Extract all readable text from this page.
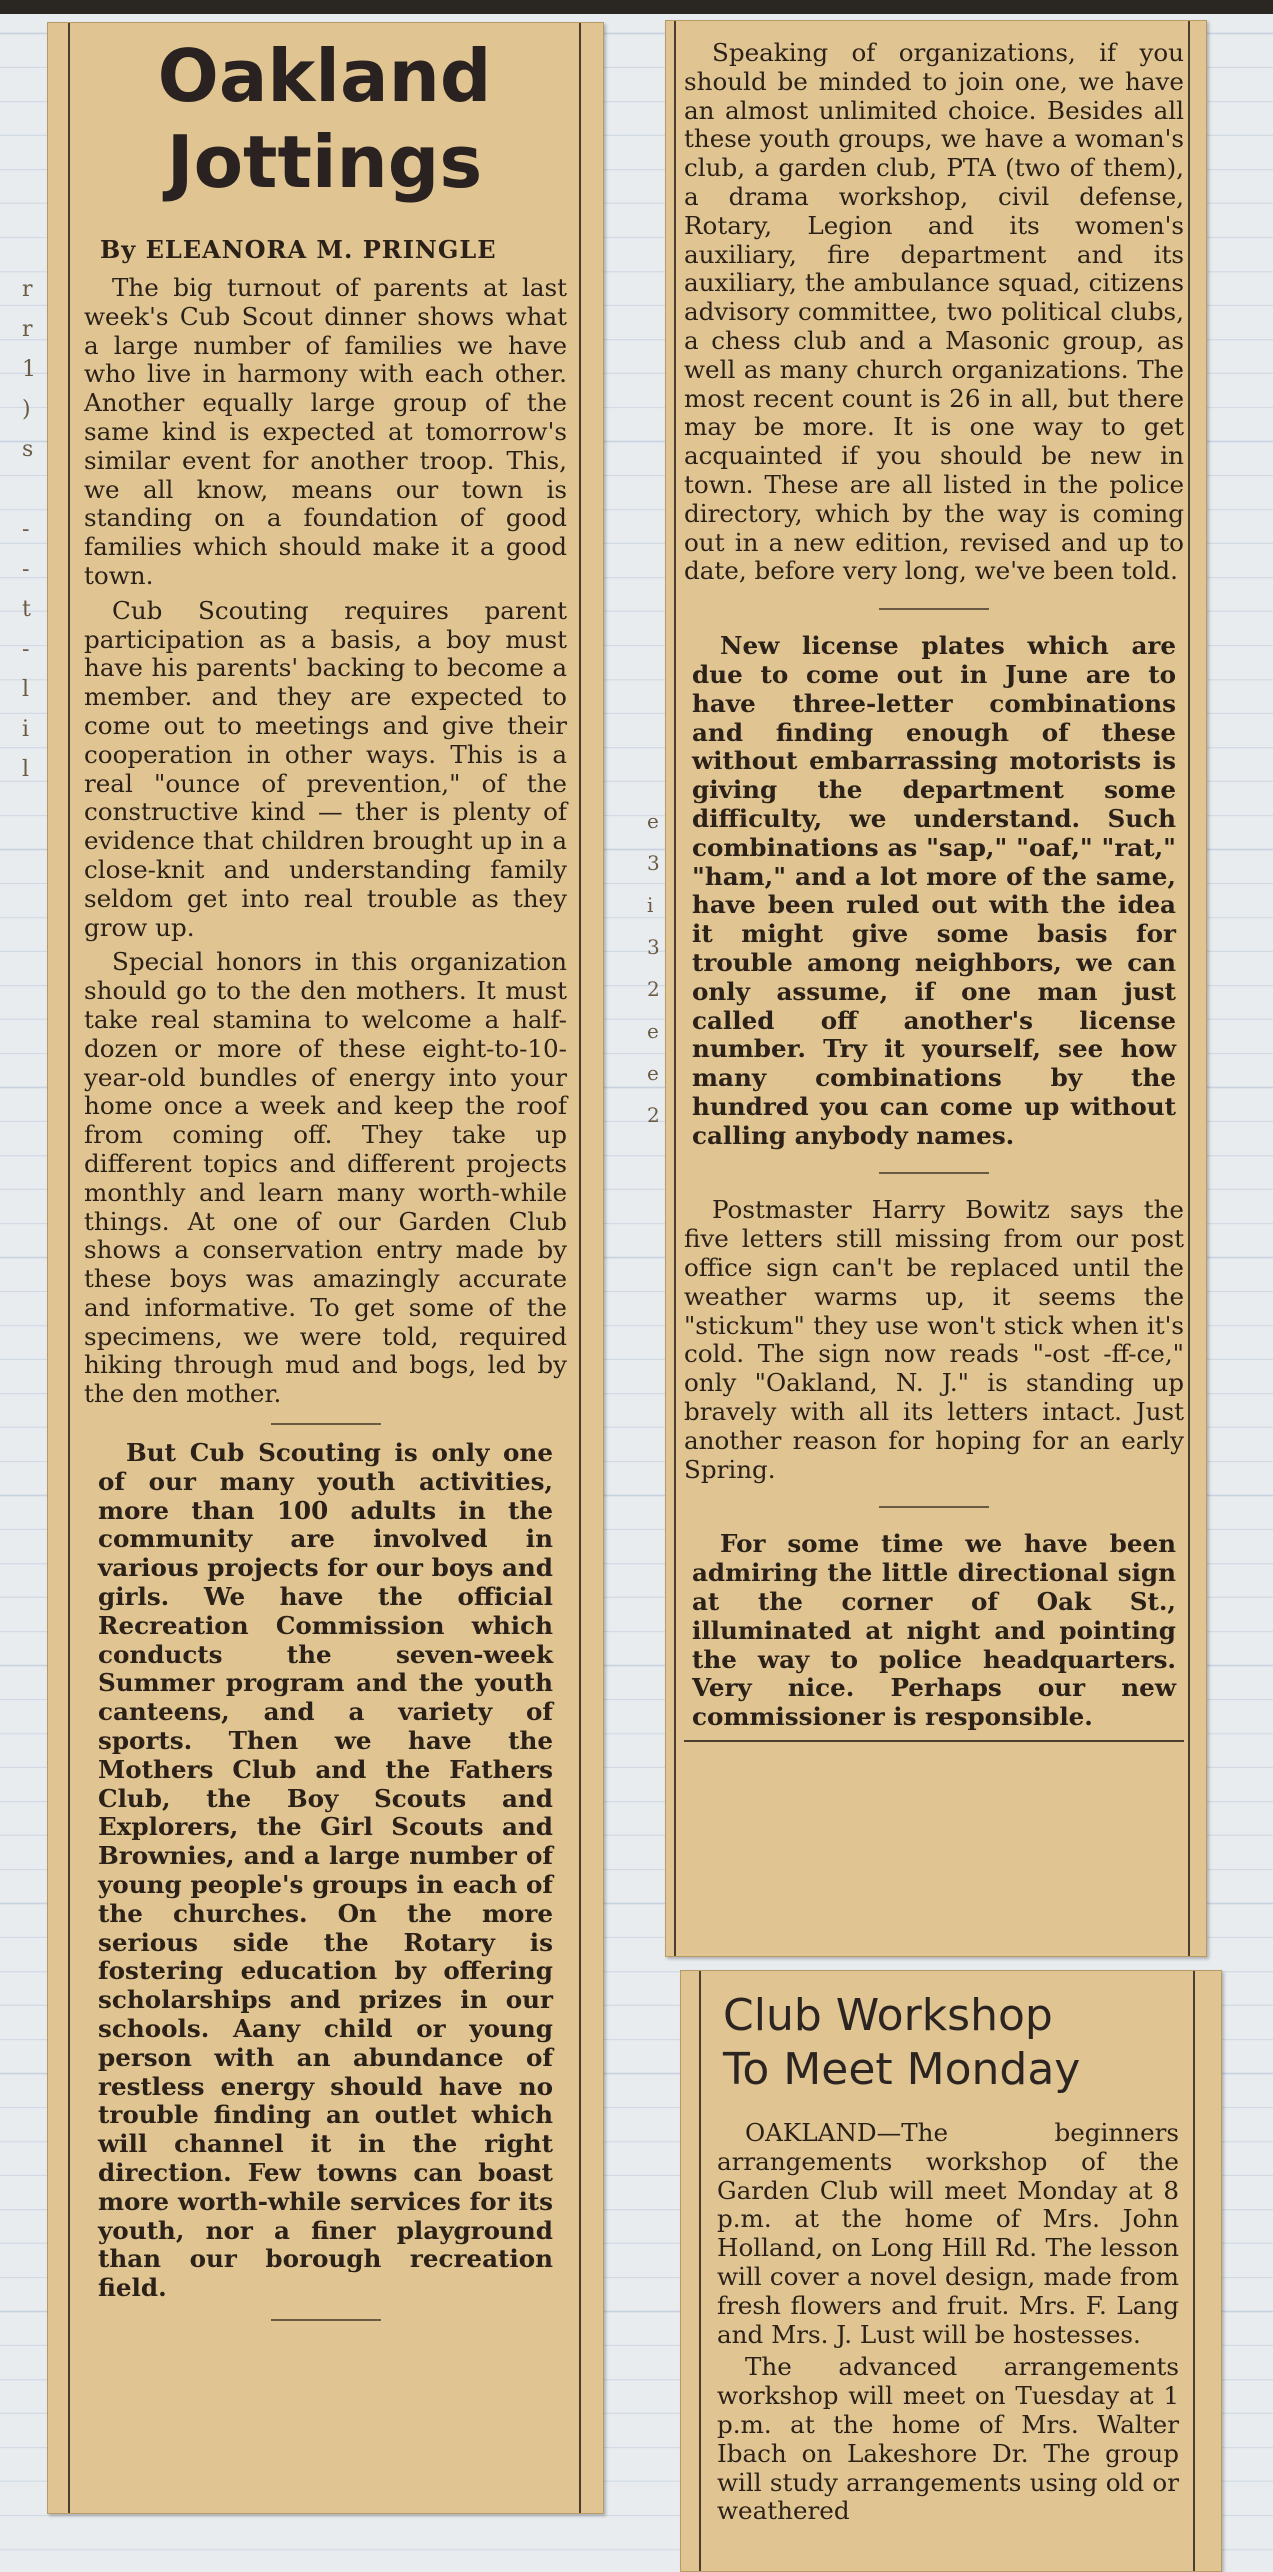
r
r
1
)
s

-
-
t
-
l
i
l
e
3
i
3
2
e
e
2

Oakland

Jottings

By ELEANORA M. PRINGLE

The big turnout of parents at last week's Cub Scout dinner shows what a large number of families we have who live in harmony with each other. Another equally large group of the same kind is expected at tomorrow's similar event for another troop. This, we all know, means our town is standing on a foundation of good families which should make it a good town.

Cub Scouting requires parent participation as a basis, a boy must have his parents' backing to become a member. and they are expected to come out to meetings and give their cooperation in other ways. This is a real "ounce of prevention," of the constructive kind — ther is plenty of evidence that children brought up in a close-knit and understanding family seldom get into real trouble as they grow up.

Special honors in this organization should go to the den mothers. It must take real stamina to welcome a half-dozen or more of these eight-to-10-year-old bundles of energy into your home once a week and keep the roof from coming off. They take up different topics and different projects monthly and learn many worth-while things. At one of our Garden Club shows a conservation entry made by these boys was amazingly accurate and informative. To get some of the specimens, we were told, required hiking through mud and bogs, led by the den mother.

But Cub Scouting is only one of our many youth activities, more than 100 adults in the community are involved in various projects for our boys and girls. We have the official Recreation Commission which conducts the seven-week Summer program and the youth canteens, and a variety of sports. Then we have the Mothers Club and the Fathers Club, the Boy Scouts and Explorers, the Girl Scouts and Brownies, and a large number of young people's groups in each of the churches. On the more serious side the Rotary is fostering education by offering scholarships and prizes in our schools. Aany child or young person with an abundance of restless energy should have no trouble finding an outlet which will channel it in the right direction. Few towns can boast more worth-while services for its youth, nor a finer playground than our borough recreation field.

Speaking of organizations, if you should be minded to join one, we have an almost unlimited choice. Besides all these youth groups, we have a woman's club, a garden club, PTA (two of them), a drama workshop, civil defense, Rotary, Legion and its women's auxiliary, fire department and its auxiliary, the ambulance squad, citizens advisory committee, two political clubs, a chess club and a Masonic group, as well as many church organizations. The most recent count is 26 in all, but there may be more. It is one way to get acquainted if you should be new in town. These are all listed in the police directory, which by the way is coming out in a new edition, revised and up to date, before very long, we've been told.

New license plates which are due to come out in June are to have three-letter combinations and finding enough of these without embarrassing motorists is giving the department some difficulty, we understand. Such combinations as "sap," "oaf," "rat," "ham," and a lot more of the same, have been ruled out with the idea it might give some basis for trouble among neighbors, we can only assume, if one man just called off another's license number. Try it yourself, see how many combinations by the hundred you can come up without calling anybody names.

Postmaster Harry Bowitz says the five letters still missing from our post office sign can't be replaced until the weather warms up, it seems the "stickum" they use won't stick when it's cold. The sign now reads "-ost -ff-ce," only "Oakland, N. J." is standing up bravely with all its letters intact. Just another reason for hoping for an early Spring.

For some time we have been admiring the little directional sign at the corner of Oak St., illuminated at night and pointing the way to police headquarters. Very nice. Perhaps our new commissioner is responsible.

Club Workshop

To Meet Monday

OAKLAND—The beginners arrangements workshop of the Garden Club will meet Monday at 8 p.m. at the home of Mrs. John Holland, on Long Hill Rd. The lesson will cover a novel design, made from fresh flowers and fruit. Mrs. F. Lang and Mrs. J. Lust will be hostesses.

The advanced arrangements workshop will meet on Tuesday at 1 p.m. at the home of Mrs. Walter Ibach on Lakeshore Dr. The group will study arrangements using old or weathered
